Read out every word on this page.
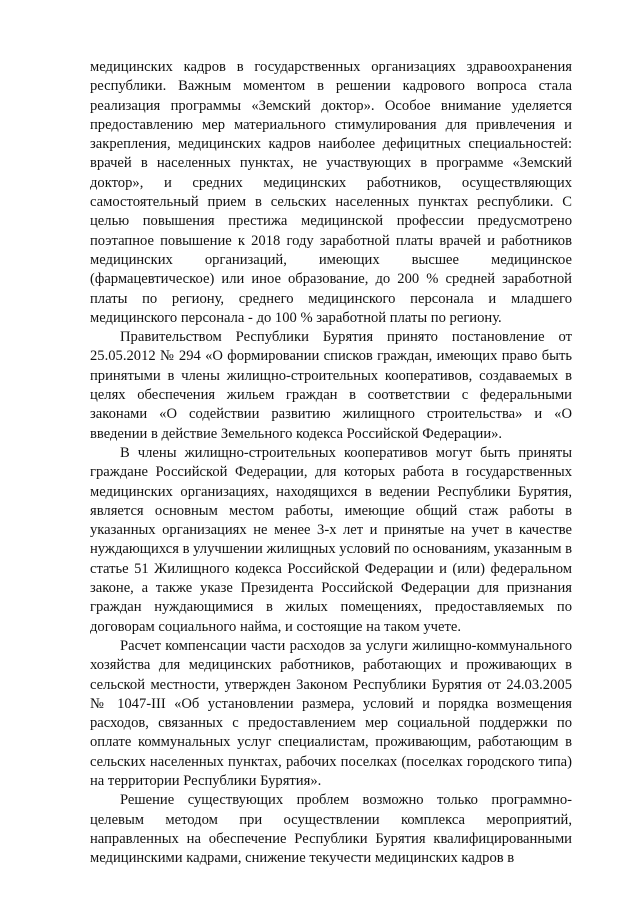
медицинских кадров в государственных организациях здравоохранения республики. Важным моментом в решении кадрового вопроса стала реализация программы «Земский доктор». Особое внимание уделяется предоставлению мер материального стимулирования для привлечения и закрепления, медицинских кадров наиболее дефицитных специальностей: врачей в населенных пунктах, не участвующих в программе «Земский доктор», и средних медицинских работников, осуществляющих самостоятельный прием в сельских населенных пунктах республики. С целью повышения престижа медицинской профессии предусмотрено поэтапное повышение к 2018 году заработной платы врачей и работников медицинских организаций, имеющих высшее медицинское (фармацевтическое) или иное образование, до 200 % средней заработной платы по региону, среднего медицинского персонала и младшего медицинского персонала - до 100 % заработной платы по региону.

Правительством Республики Бурятия принято постановление от 25.05.2012 № 294 «О формировании списков граждан, имеющих право быть принятыми в члены жилищно-строительных кооперативов, создаваемых в целях обеспечения жильем граждан в соответствии с федеральными законами «О содействии развитию жилищного строительства» и «О введении в действие Земельного кодекса Российской Федерации».

В члены жилищно-строительных кооперативов могут быть приняты граждане Российской Федерации, для которых работа в государственных медицинских организациях, находящихся в ведении Республики Бурятия, является основным местом работы, имеющие общий стаж работы в указанных организациях не менее 3-х лет и принятые на учет в качестве нуждающихся в улучшении жилищных условий по основаниям, указанным в статье 51 Жилищного кодекса Российской Федерации и (или) федеральном законе, а также указе Президента Российской Федерации для признания граждан нуждающимися в жилых помещениях, предоставляемых по договорам социального найма, и состоящие на таком учете.

Расчет компенсации части расходов за услуги жилищно-коммунального хозяйства для медицинских работников, работающих и проживающих в сельской местности, утвержден Законом Республики Бурятия от 24.03.2005 № 1047-III «Об установлении размера, условий и порядка возмещения расходов, связанных с предоставлением мер социальной поддержки по оплате коммунальных услуг специалистам, проживающим, работающим в сельских населенных пунктах, рабочих поселках (поселках городского типа) на территории Республики Бурятия».

Решение существующих проблем возможно только программно-целевым методом при осуществлении комплекса мероприятий, направленных на обеспечение Республики Бурятия квалифицированными медицинскими кадрами, снижение текучести медицинских кадров в
